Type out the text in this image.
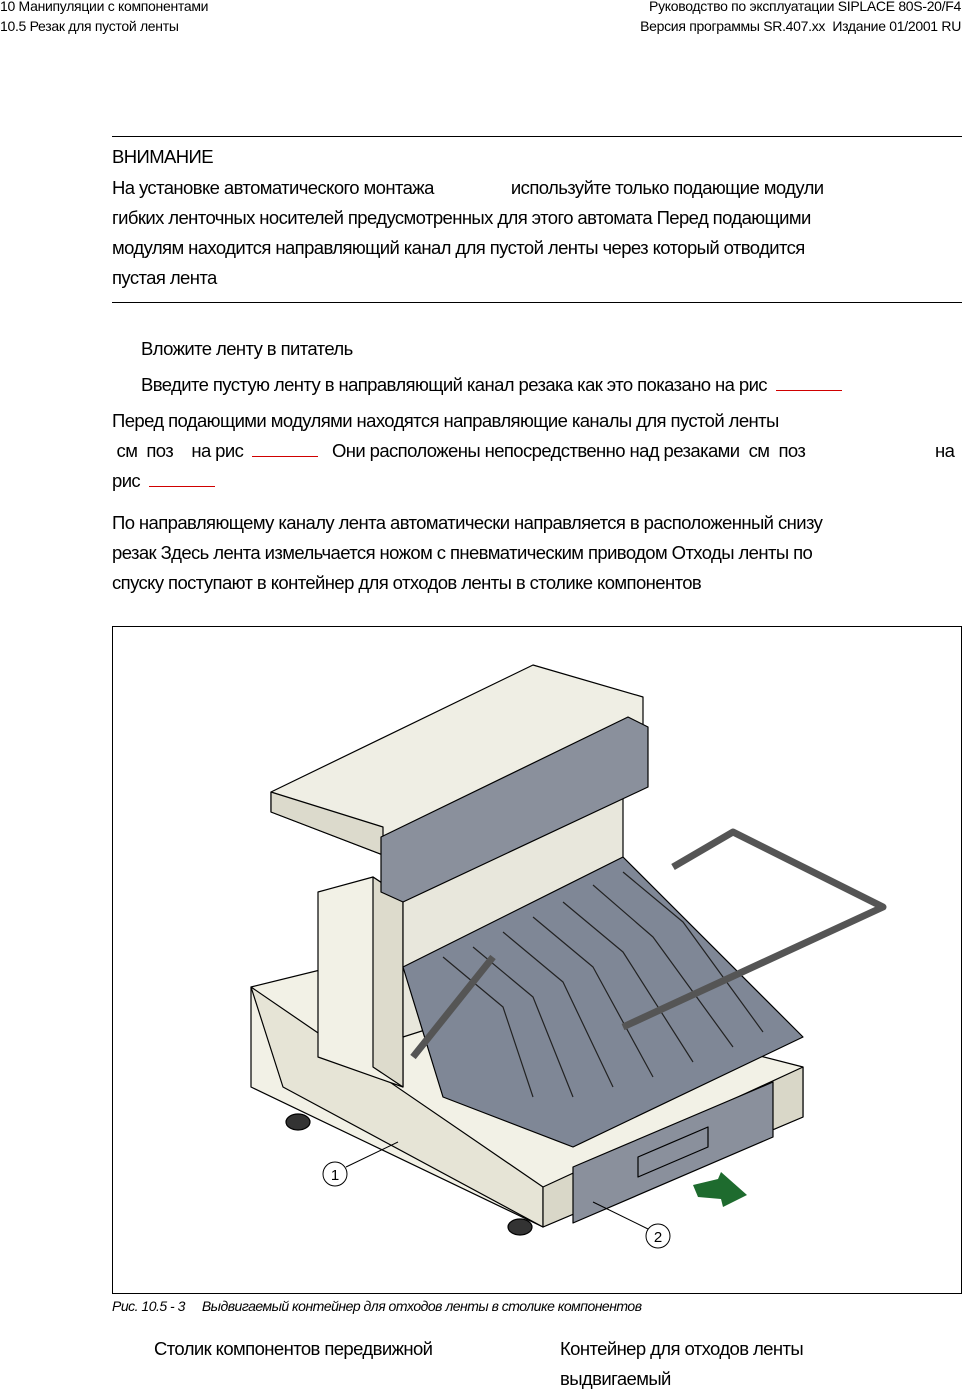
10 Манипуляции с компонентами
10.5 Резак для пустой ленты
Руководство по эксплуатации SIPLACE 80S-20/F4
Версия программы SR.407.xx Издание 01/2001 RU
ВНИМАНИЕ
На установке автоматического монтажа                 используйте только подающие модули
гибких ленточных носителей предусмотренных для этого автомата Перед подающими
модулям находится направляющий канал для пустой ленты через который отводится
пустая лента
Вложите ленту в питатель
Введите пустую ленту в направляющий канал резака как это показано на рис
Перед подающими модулями находятся направляющие каналы для пустой ленты
см  поз    на рис	Они расположены непосредственно над резаками  см  поз	на
рис
По направляющему каналу лента автоматически направляется в расположенный снизу
резак Здесь лента измельчается ножом с пневматическим приводом Отходы ленты по
спуску поступают в контейнер для отходов ленты в столике компонентов
1
2
Рис. 10.5 - 3 Выдвигаемый контейнер для отходов ленты в столике компонентов
Столик компонентов передвижной	Контейнер для отходов ленты
выдвигаемый
